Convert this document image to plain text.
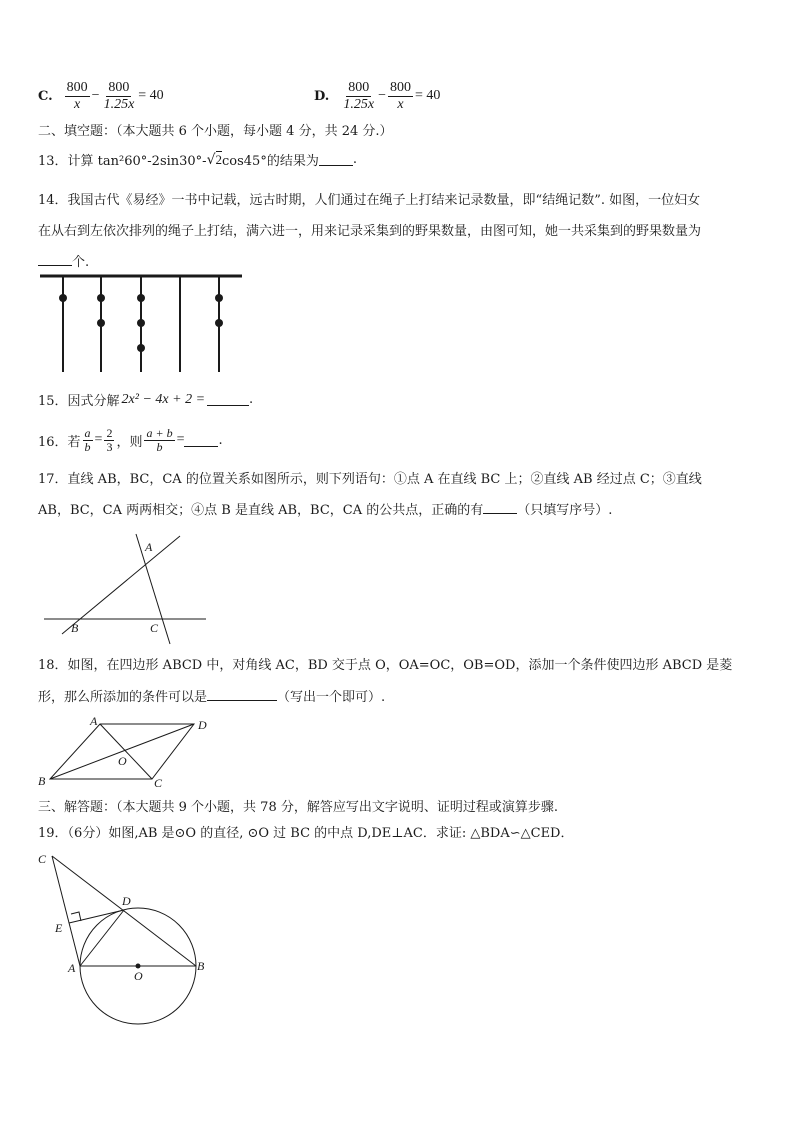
C. $\frac{800}{x} - \frac{800}{1.25x} = 40$	D. $\frac{800}{1.25x} - \frac{800}{x} = 40$
二、填空题：（本大题共 6 个小题，每小题 4 分，共 24 分.）
13．计算 tan²60°-2sin30°- √ 2 cos45°的结果为	.
14．我国古代《易经》一书中记载，远古时期，人们通过在绳子上打结来记录数量，即“结绳记数”. 如图，一位妇女
在从右到左依次排列的绳子上打结，满六进一，用来记录采集到的野果数量，由图可知，她一共采集到的野果数量为
个.
15．因式分解 2x² − 4x + 2 =	.
16．若 $\frac{a}{b} = \frac{2}{3}$ ，则 $\frac{a + b}{b}$ =	.
17．直线 AB，BC，CA 的位置关系如图所示，则下列语句：①点 A 在直线 BC 上；②直线 AB 经过点 C；③直线
AB，BC，CA 两两相交；④点 B 是直线 AB，BC，CA 的公共点，正确的有	（只填写序号）.
A
B	C
18．如图，在四边形 ABCD 中，对角线 AC，BD 交于点 O，OA=OC，OB=OD，添加一个条件使四边形 ABCD 是菱
形，那么所添加的条件可以是	（写出一个即可）.
A	D
O
B	C
三、解答题：（本大题共 9 个小题，共 78 分，解答应写出文字说明、证明过程或演算步骤.
19．（6分）如图,AB 是⊙O 的直径, ⊙O 过 BC 的中点 D,DE⊥AC．求证: △BDA∽△CED．
C
D
E
A
O
B
